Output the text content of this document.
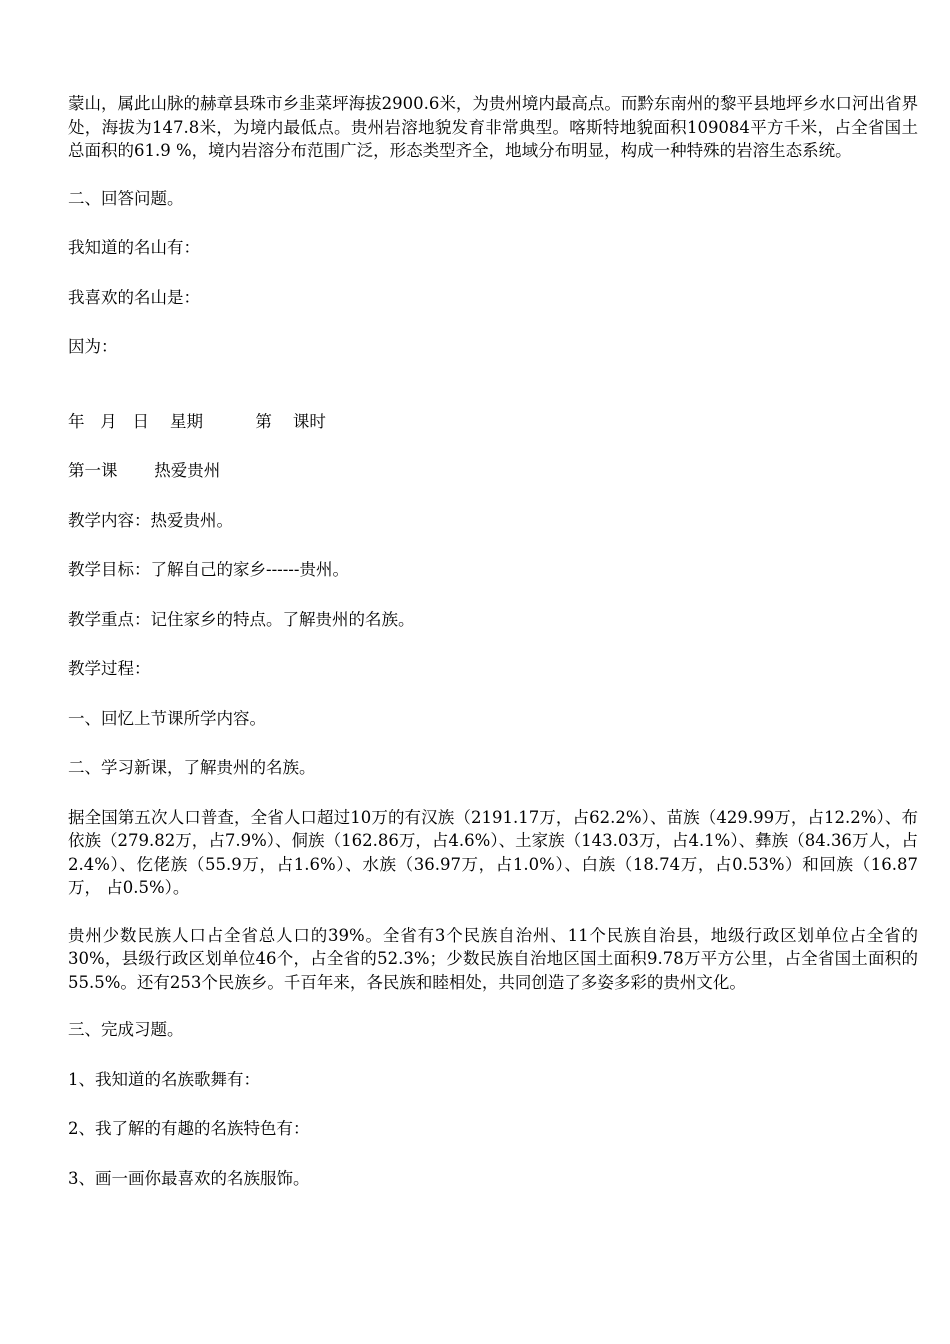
蒙山，属此山脉的赫章县珠市乡韭菜坪海拔2900.6米，为贵州境内最高点。而黔东南州的黎平县地坪乡水口河出省界处，海拔为147.8米，为境内最低点。贵州岩溶地貌发育非常典型。喀斯特地貌面积109084平方千米，占全省国土总面积的61.9 %，境内岩溶分布范围广泛，形态类型齐全，地域分布明显，构成一种特殊的岩溶生态系统。

二、回答问题。

我知道的名山有：

我喜欢的名山是：

因为：

年   月   日    星期          第    课时

第一课       热爱贵州

教学内容：热爱贵州。

教学目标：了解自己的家乡------贵州。

教学重点：记住家乡的特点。了解贵州的名族。

教学过程：

一、回忆上节课所学内容。

二、学习新课，了解贵州的名族。

据全国第五次人口普查，全省人口超过10万的有汉族（2191.17万，占62.2%）、苗族（429.99万，占12.2%）、布依族（279.82万，占7.9%）、侗族（162.86万，占4.6%）、土家族（143.03万，占4.1%）、彝族（84.36万人，占2.4%）、仡佬族（55.9万，占1.6%）、水族（36.97万，占1.0%）、白族（18.74万，占0.53%）和回族（16.87万， 占0.5%）。

贵州少数民族人口占全省总人口的39%。全省有3个民族自治州、11个民族自治县，地级行政区划单位占全省的30%，县级行政区划单位46个，占全省的52.3%；少数民族自治地区国土面积9.78万平方公里，占全省国土面积的55.5%。还有253个民族乡。千百年来，各民族和睦相处，共同创造了多姿多彩的贵州文化。

三、完成习题。

1、我知道的名族歌舞有：

2、我了解的有趣的名族特色有：

3、画一画你最喜欢的名族服饰。
